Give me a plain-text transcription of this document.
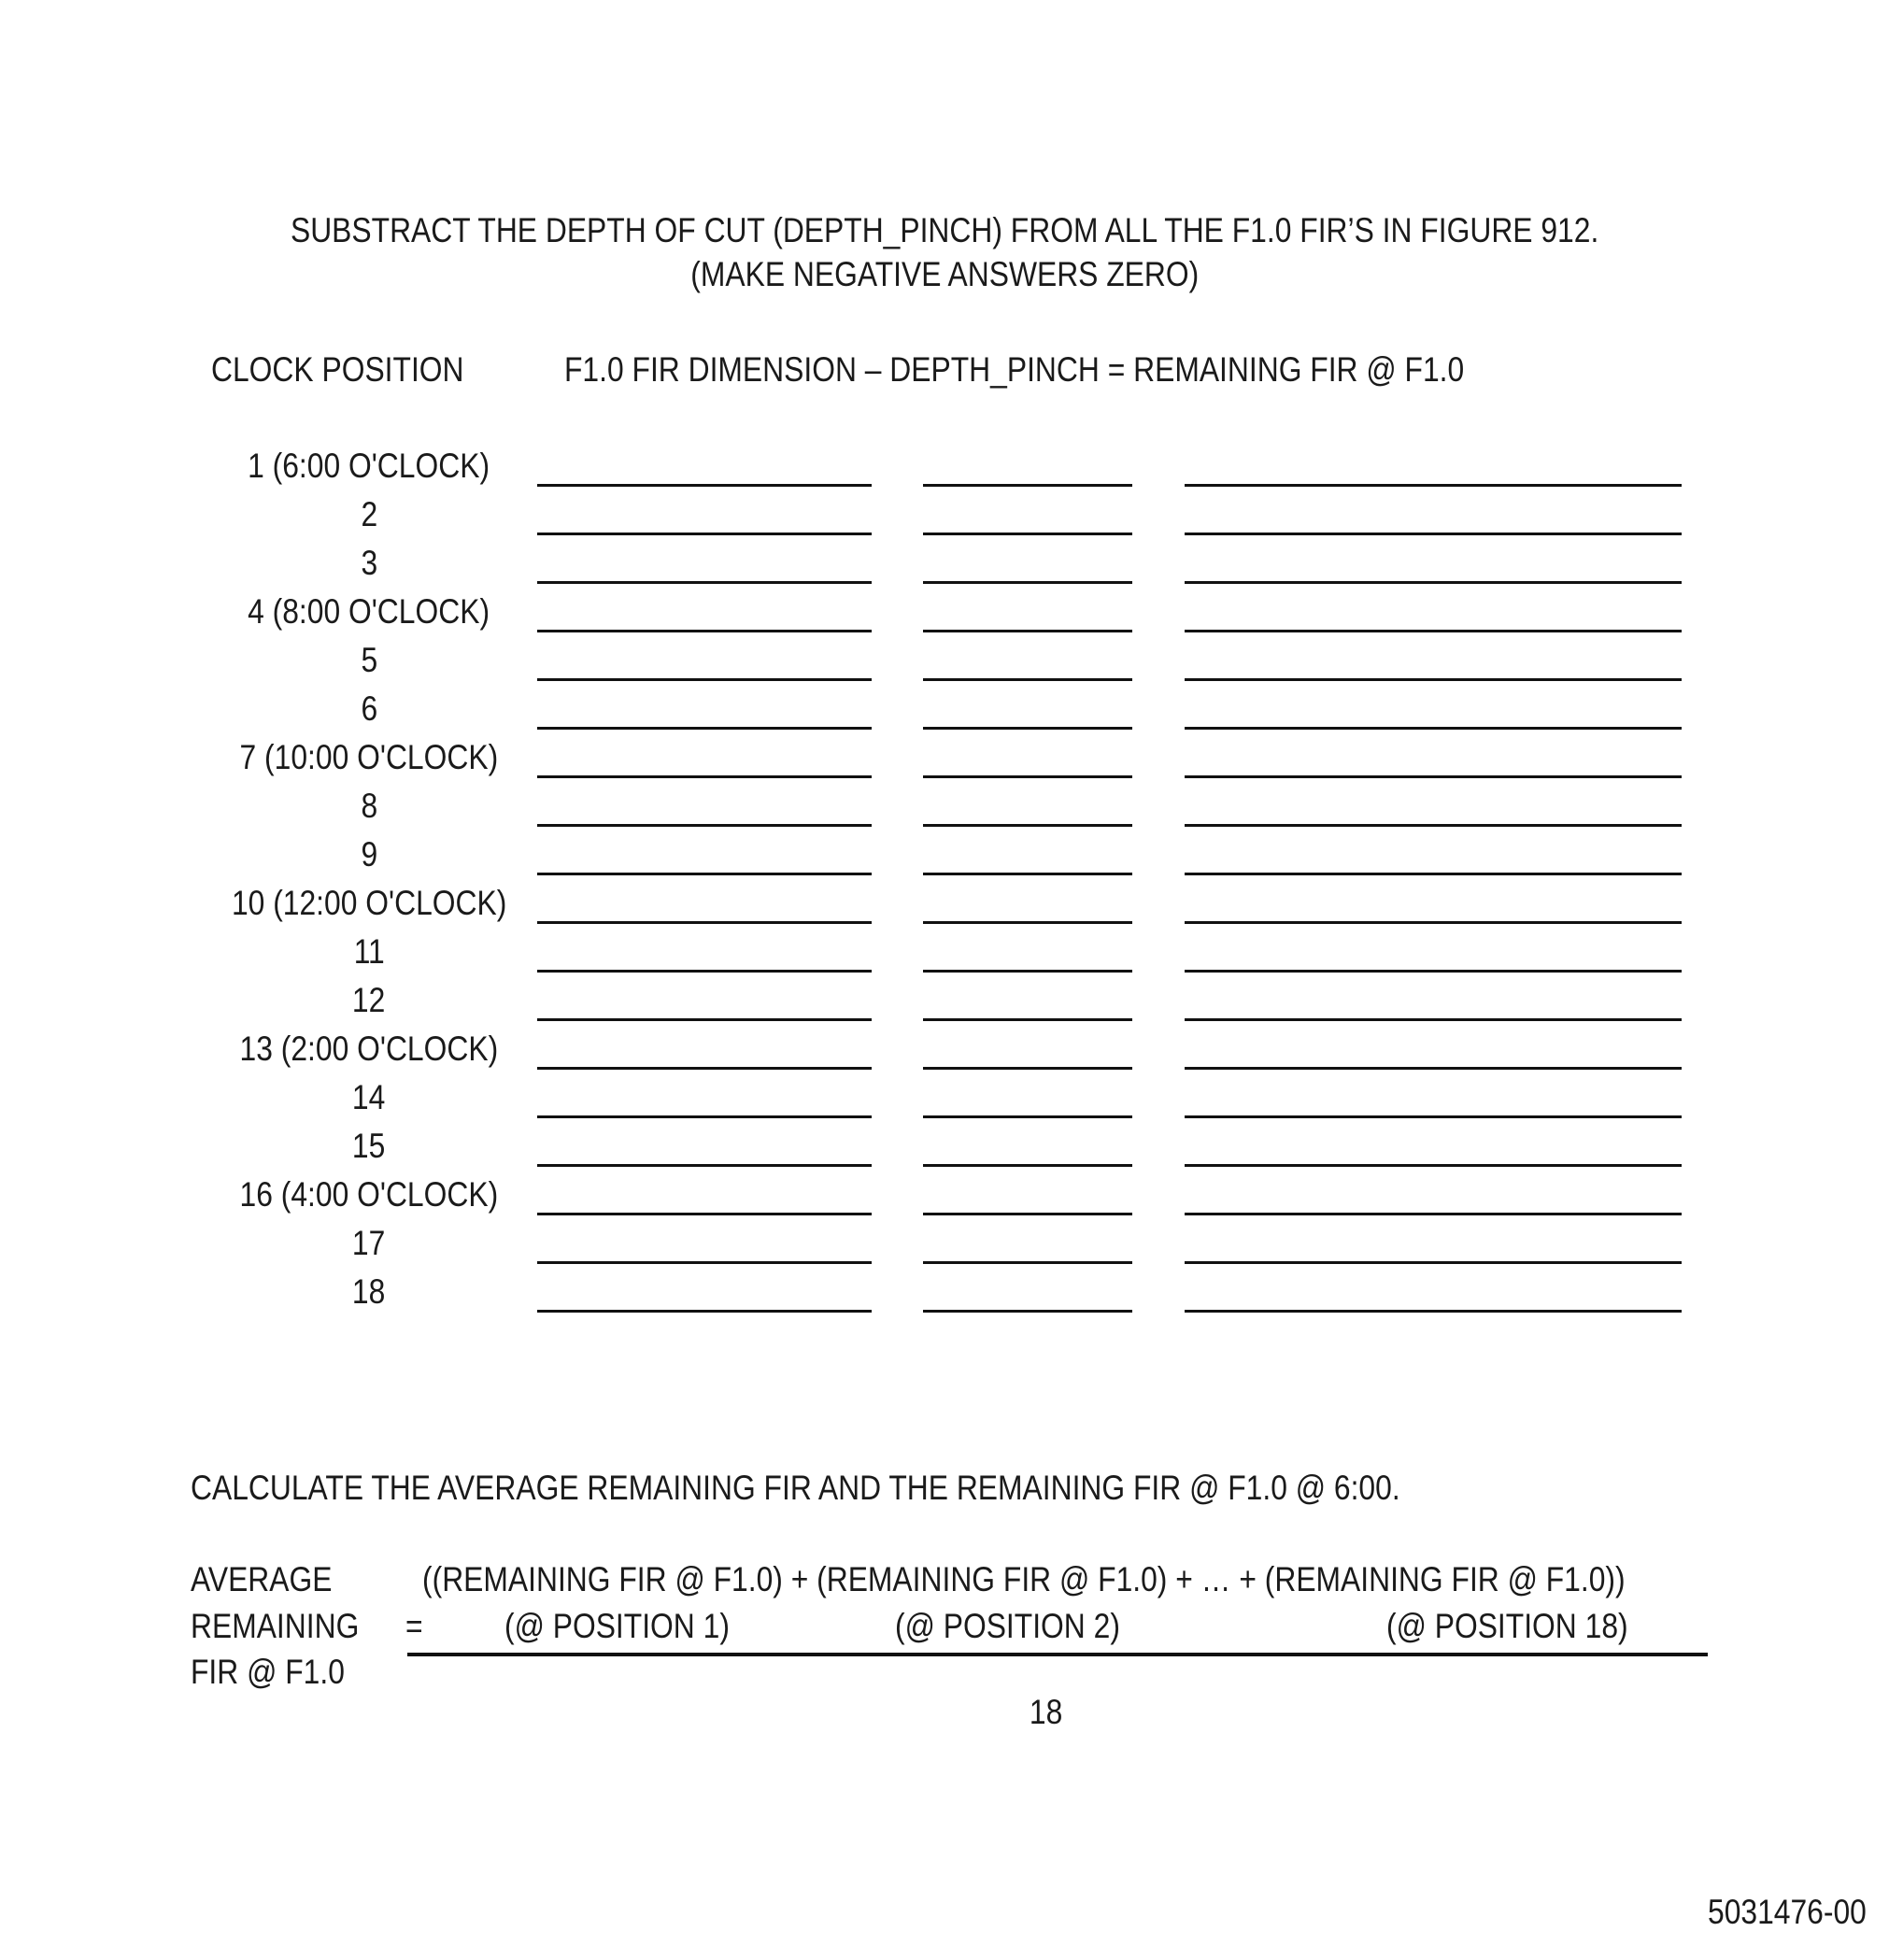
SUBSTRACT THE DEPTH OF CUT (DEPTH_PINCH) FROM ALL THE F1.0 FIR’S IN FIGURE 912.
(MAKE NEGATIVE ANSWERS ZERO)
CLOCK POSITION	F1.0 FIR DIMENSION – DEPTH_PINCH = REMAINING FIR @ F1.0
1 (6:00 O'CLOCK)
2
3
4 (8:00 O'CLOCK)
5
6
7 (10:00 O'CLOCK)
8
9
10 (12:00 O'CLOCK)
11
12
13 (2:00 O'CLOCK)
14
15
16 (4:00 O'CLOCK)
17
18
CALCULATE THE AVERAGE REMAINING FIR AND THE REMAINING FIR @ F1.0 @ 6:00.
AVERAGE
REMAINING
FIR @ F1.0
=
((REMAINING FIR @ F1.0) + (REMAINING FIR @ F1.0) + … + (REMAINING FIR @ F1.0))
(@ POSITION 1)	(@ POSITION 2)	(@ POSITION 18)
18
5031476-00
